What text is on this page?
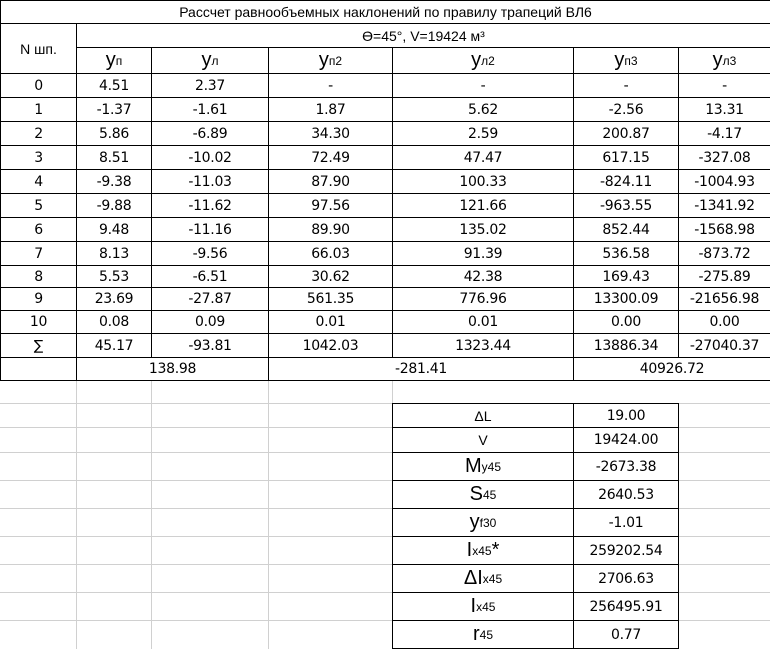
Рассчет равнообъемных наклонений по правилу трапеций ВЛ6
N шп.
ϴ=45°, V=19424 м³
y п	y л	y п 2	y л 2	y п 3	y л 3
0	4.51	2.37	-	-	-	-
1	-1.37	-1.61	1.87	5.62	-2.56	13.31
2	5.86	-6.89	34.30	2.59	200.87	-4.17
3	8.51	-10.02	72.49	47.47	617.15	-327.08
4	-9.38	-11.03	87.90	100.33	-824.11	-1004.93
5	-9.88	-11.62	97.56	121.66	-963.55	-1341.92
6	9.48	-11.16	89.90	135.02	852.44	-1568.98
7	8.13	-9.56	66.03	91.39	536.58	-873.72
8	5.53	-6.51	30.62	42.38	169.43	-275.89
9	23.69	-27.87	561.35	776.96	13300.09	-21656.98
10	0.08	0.09	0.01	0.01	0.00	0.00
∑	45.17	-93.81	1042.03	1323.44	13886.34	-27040.37
138.98	-281.41	40926.72
ΔL	19.00
V	19424.00
M y45	-2673.38
S 45	2640.53
y f30	-1.01
I x45 *	259202.54
ΔI x45	2706.63
I x45	256495.91
r 45	0.77
